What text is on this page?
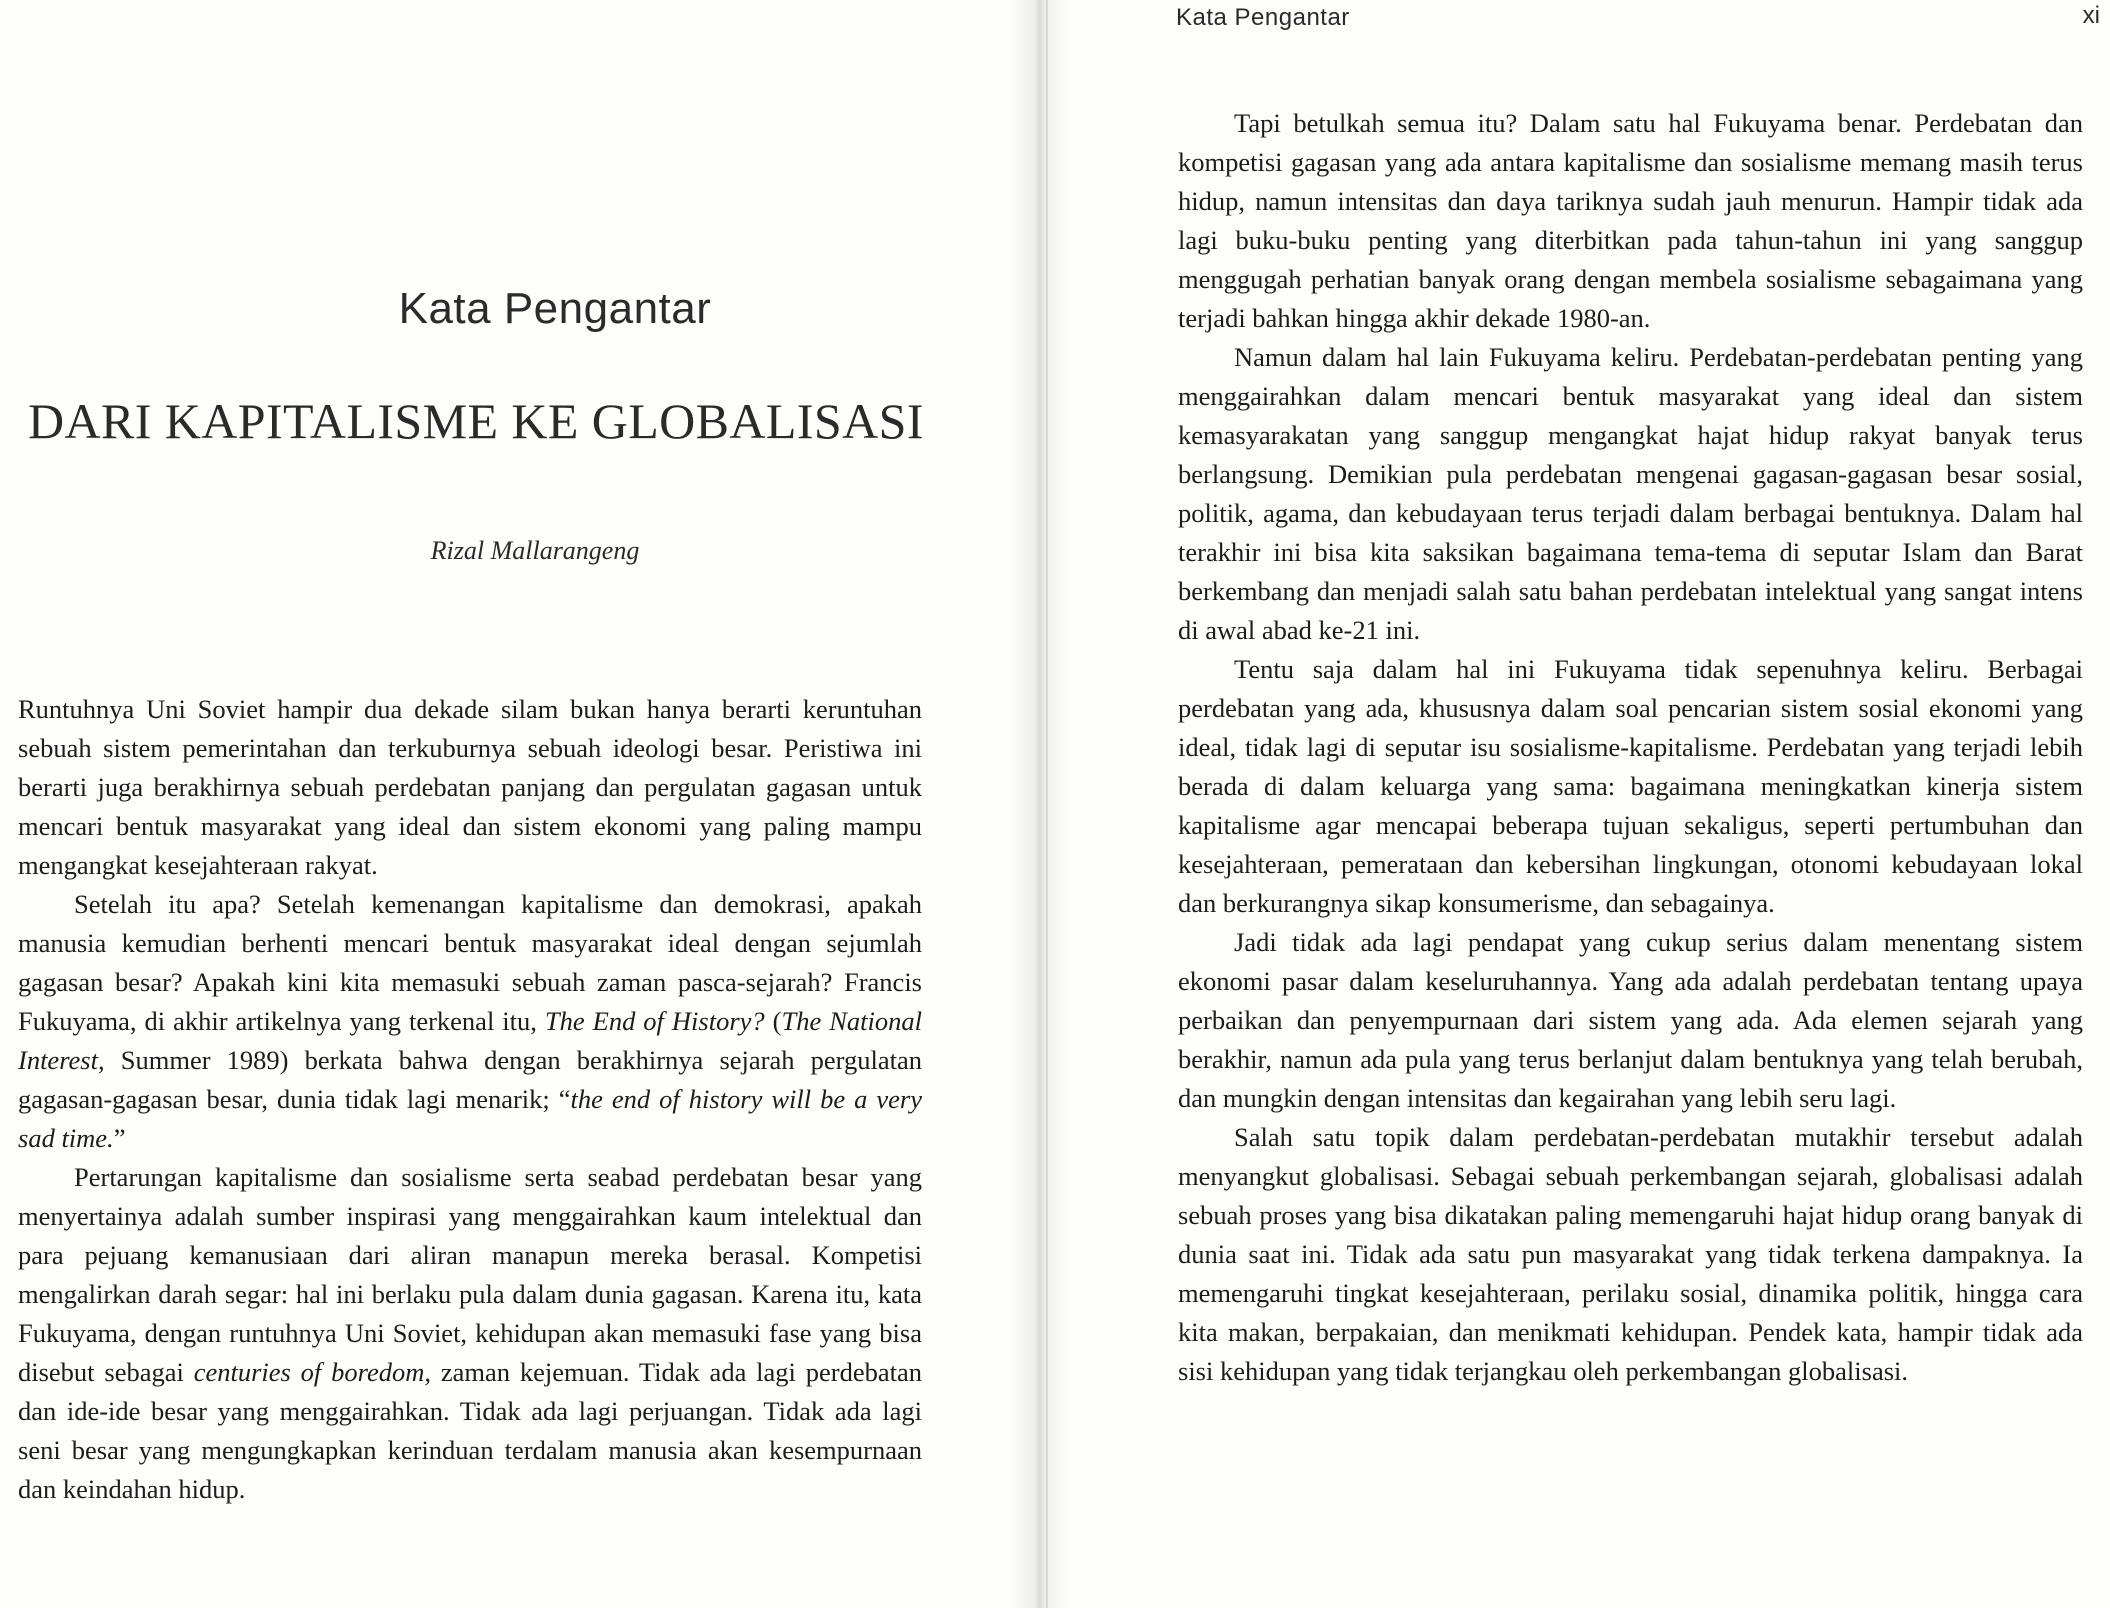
Kata Pengantar
DARI KAPITALISME KE GLOBALISASI
Rizal Mallarangeng

Runtuhnya Uni Soviet hampir dua dekade silam bukan hanya berarti keruntuhan sebuah sistem pemerintahan dan terkuburnya sebuah ideologi besar. Peristiwa ini berarti juga berakhirnya sebuah perdebatan panjang dan pergulatan gagasan untuk mencari bentuk masyarakat yang ideal dan sistem ekonomi yang paling mampu mengangkat kesejahteraan rakyat.

Setelah itu apa? Setelah kemenangan kapitalisme dan demokrasi, apakah manusia kemudian berhenti mencari bentuk masyarakat ideal dengan sejumlah gagasan besar? Apakah kini kita memasuki sebuah zaman pasca-sejarah? Francis Fukuyama, di akhir artikelnya yang terkenal itu, The End of History? (The National Interest, Summer 1989) berkata bahwa dengan berakhirnya sejarah pergulatan gagasan-gagasan besar, dunia tidak lagi menarik; “the end of history will be a very sad time.”

Pertarungan kapitalisme dan sosialisme serta seabad perdebatan besar yang menyertainya adalah sumber inspirasi yang menggairahkan kaum intelektual dan para pejuang kemanusiaan dari aliran manapun mereka berasal. Kompetisi mengalirkan darah segar: hal ini berlaku pula dalam dunia gagasan. Karena itu, kata Fukuyama, dengan runtuhnya Uni Soviet, kehidupan akan memasuki fase yang bisa disebut sebagai centuries of boredom, zaman kejemuan. Tidak ada lagi perdebatan dan ide-ide besar yang menggairahkan. Tidak ada lagi perjuangan. Tidak ada lagi seni besar yang mengungkapkan kerinduan terdalam manusia akan kesempurnaan dan keindahan hidup.

Kata Pengantar	xi

Tapi betulkah semua itu? Dalam satu hal Fukuyama benar. Perdebatan dan kompetisi gagasan yang ada antara kapitalisme dan sosialisme memang masih terus hidup, namun intensitas dan daya tariknya sudah jauh menurun. Hampir tidak ada lagi buku-buku penting yang diterbitkan pada tahun-tahun ini yang sanggup menggugah perhatian banyak orang dengan membela sosialisme sebagaimana yang terjadi bahkan hingga akhir dekade 1980-an.

Namun dalam hal lain Fukuyama keliru. Perdebatan-perdebatan penting yang menggairahkan dalam mencari bentuk masyarakat yang ideal dan sistem kemasyarakatan yang sanggup mengangkat hajat hidup rakyat banyak terus berlangsung. Demikian pula perdebatan mengenai gagasan-gagasan besar sosial, politik, agama, dan kebudayaan terus terjadi dalam berbagai bentuknya. Dalam hal terakhir ini bisa kita saksikan bagaimana tema-tema di seputar Islam dan Barat berkembang dan menjadi salah satu bahan perdebatan intelektual yang sangat intens di awal abad ke-21 ini.

Tentu saja dalam hal ini Fukuyama tidak sepenuhnya keliru. Berbagai perdebatan yang ada, khususnya dalam soal pencarian sistem sosial ekonomi yang ideal, tidak lagi di seputar isu sosialisme-kapitalisme. Perdebatan yang terjadi lebih berada di dalam keluarga yang sama: bagaimana meningkatkan kinerja sistem kapitalisme agar mencapai beberapa tujuan sekaligus, seperti pertumbuhan dan kesejahteraan, pemerataan dan kebersihan lingkungan, otonomi kebudayaan lokal dan berkurangnya sikap konsumerisme, dan sebagainya.

Jadi tidak ada lagi pendapat yang cukup serius dalam menentang sistem ekonomi pasar dalam keseluruhannya. Yang ada adalah perdebatan tentang upaya perbaikan dan penyempurnaan dari sistem yang ada. Ada elemen sejarah yang berakhir, namun ada pula yang terus berlanjut dalam bentuknya yang telah berubah, dan mungkin dengan intensitas dan kegairahan yang lebih seru lagi.

Salah satu topik dalam perdebatan-perdebatan mutakhir tersebut adalah menyangkut globalisasi. Sebagai sebuah perkembangan sejarah, globalisasi adalah sebuah proses yang bisa dikatakan paling memengaruhi hajat hidup orang banyak di dunia saat ini. Tidak ada satu pun masyarakat yang tidak terkena dampaknya. Ia memengaruhi tingkat kesejahteraan, perilaku sosial, dinamika politik, hingga cara kita makan, berpakaian, dan menikmati kehidupan. Pendek kata, hampir tidak ada sisi kehidupan yang tidak terjangkau oleh perkembangan globalisasi.
